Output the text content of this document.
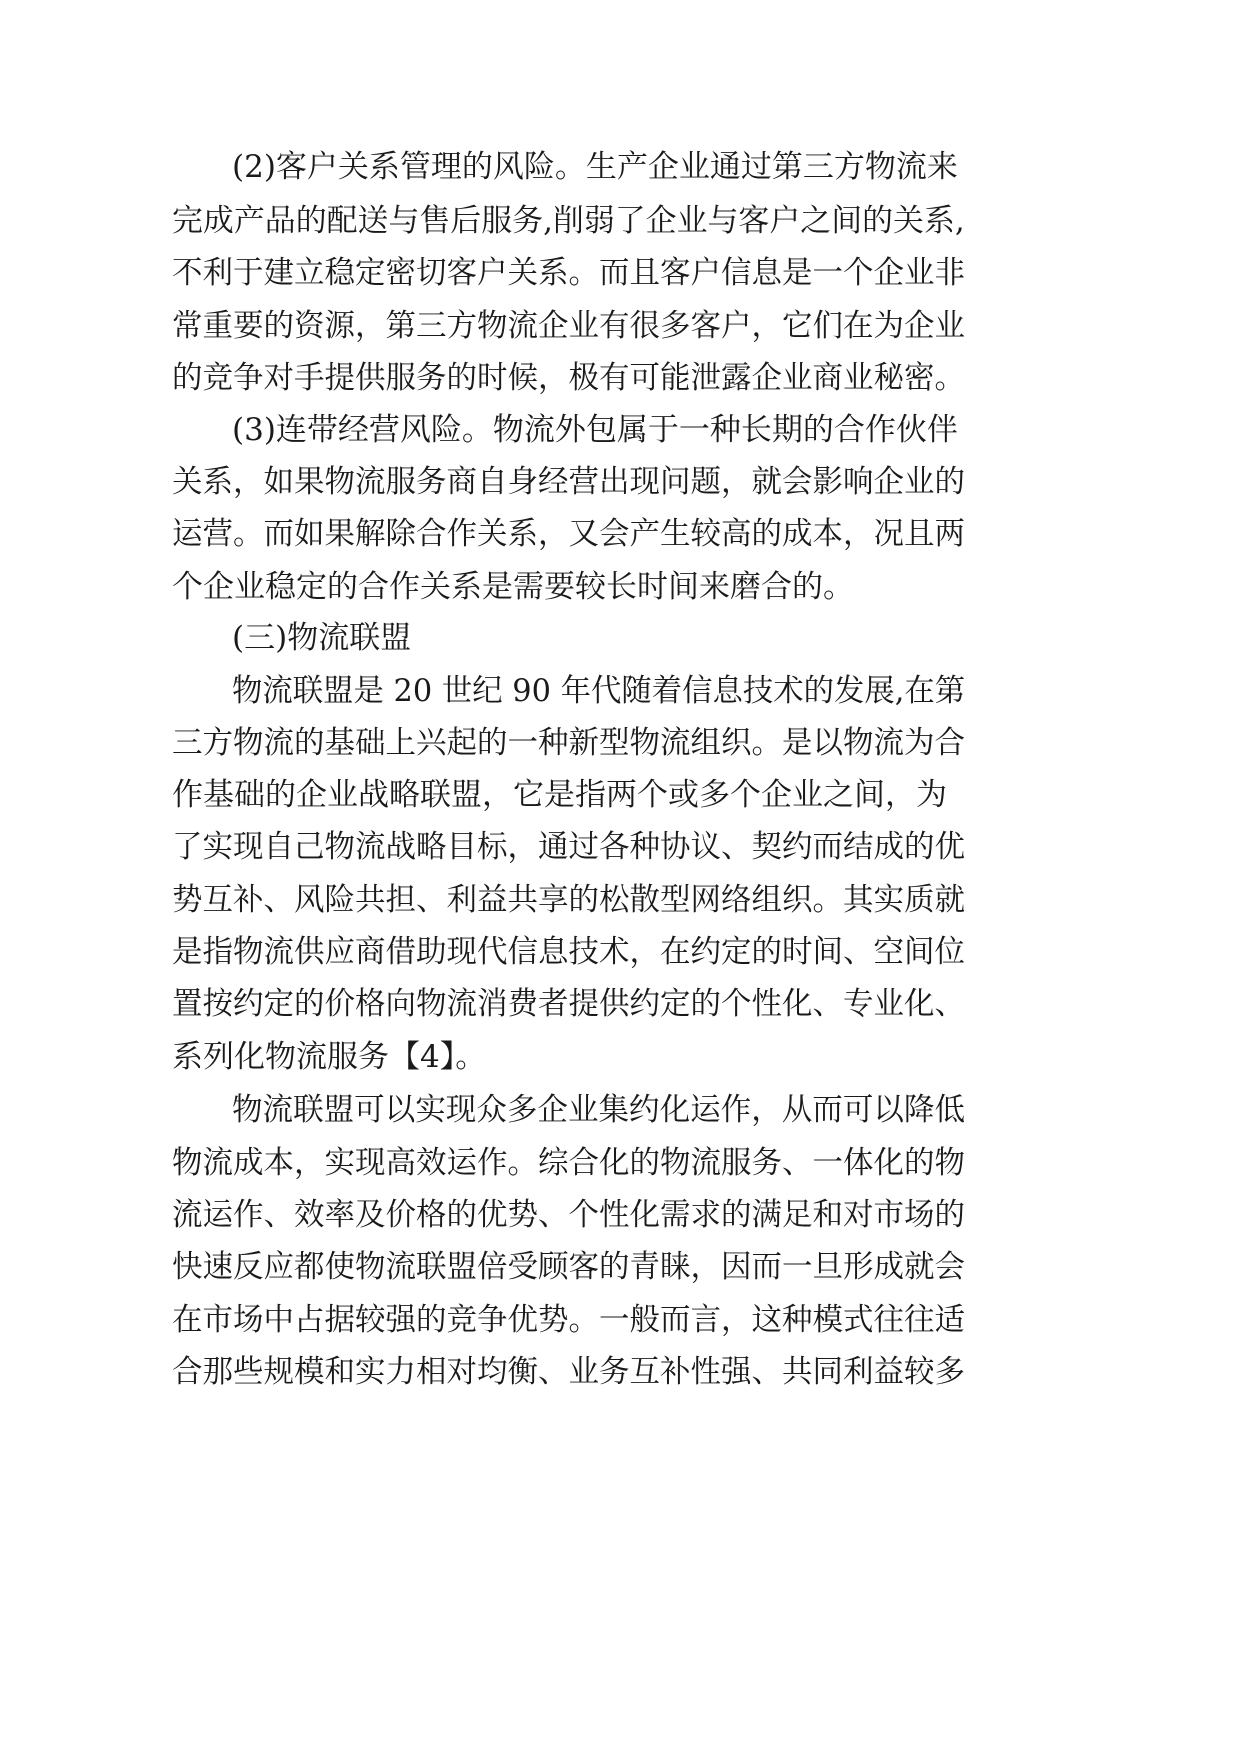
(2)客户关系管理的风险。生产企业通过第三方物流来
完成产品的配送与售后服务,削弱了企业与客户之间的关系,
不利于建立稳定密切客户关系。而且客户信息是一个企业非
常重要的资源，第三方物流企业有很多客户，它们在为企业
的竞争对手提供服务的时候，极有可能泄露企业商业秘密。
(3)连带经营风险。物流外包属于一种长期的合作伙伴
关系，如果物流服务商自身经营出现问题，就会影响企业的
运营。而如果解除合作关系，又会产生较高的成本，况且两
个企业稳定的合作关系是需要较长时间来磨合的。
(三)物流联盟
物流联盟是 20 世纪 90 年代随着信息技术的发展,在第
三方物流的基础上兴起的一种新型物流组织。是以物流为合
作基础的企业战略联盟，它是指两个或多个企业之间，为
了实现自己物流战略目标，通过各种协议、契约而结成的优
势互补、风险共担、利益共享的松散型网络组织。其实质就
是指物流供应商借助现代信息技术，在约定的时间、空间位
置按约定的价格向物流消费者提供约定的个性化、专业化、
系列化物流服务【4】。
物流联盟可以实现众多企业集约化运作，从而可以降低
物流成本，实现高效运作。综合化的物流服务、一体化的物
流运作、效率及价格的优势、个性化需求的满足和对市场的
快速反应都使物流联盟倍受顾客的青睐，因而一旦形成就会
在市场中占据较强的竞争优势。一般而言，这种模式往往适
合那些规模和实力相对均衡、业务互补性强、共同利益较多
